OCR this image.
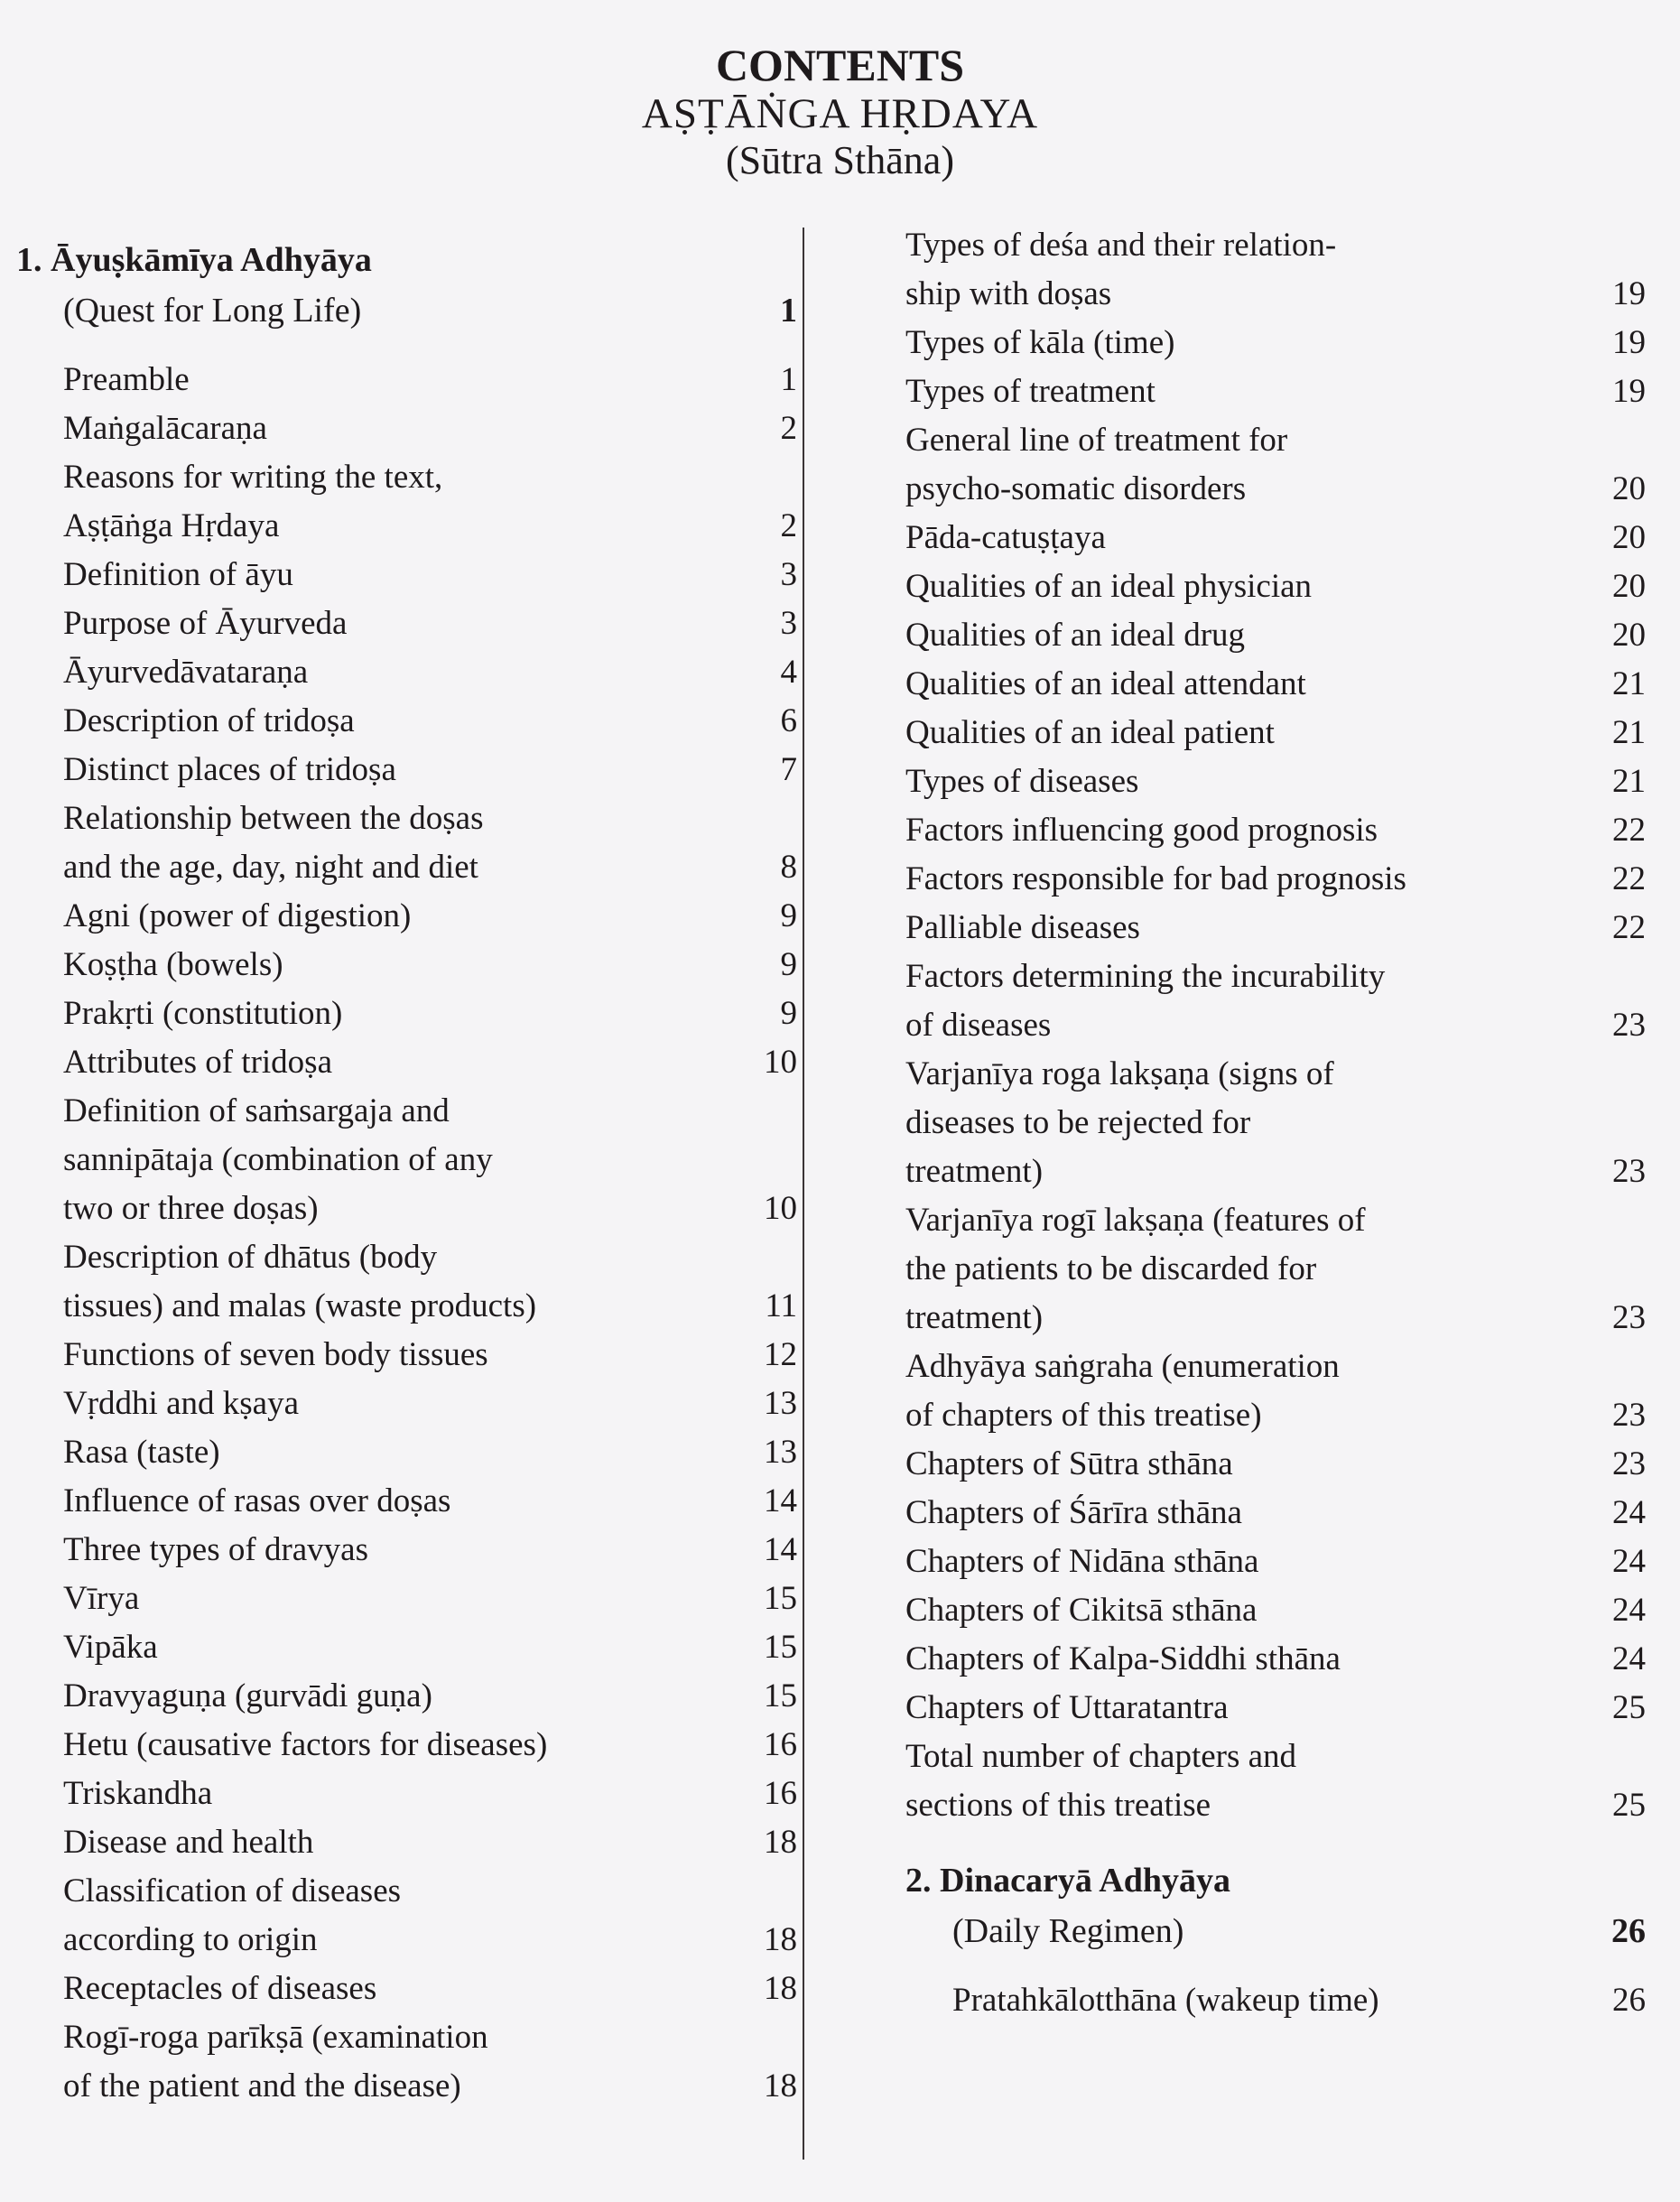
CONTENTS
AṢṬĀṄGA HṚDAYA
(Sūtra Sthāna)
1. Āyuṣkāmīya Adhyāya
(Quest for Long Life)	1
Preamble	1
Maṅgalācaraṇa	2
Reasons for writing the text,
Aṣṭāṅga Hṛdaya	2
Definition of āyu	3
Purpose of Āyurveda	3
Āyurvedāvataraṇa	4
Description of tridoṣa	6
Distinct places of tridoṣa	7
Relationship between the doṣas
and the age, day, night and diet	8
Agni (power of digestion)	9
Koṣṭha (bowels)	9
Prakṛti (constitution)	9
Attributes of tridoṣa	10
Definition of saṁsargaja and
sannipātaja (combination of any
two or three doṣas)	10
Description of dhātus (body
tissues) and malas (waste products)	11
Functions of seven body tissues	12
Vṛddhi and kṣaya	13
Rasa (taste)	13
Influence of rasas over doṣas	14
Three types of dravyas	14
Vīrya	15
Vipāka	15
Dravyaguṇa (gurvādi guṇa)	15
Hetu (causative factors for diseases)	16
Triskandha	16
Disease and health	18
Classification of diseases
according to origin	18
Receptacles of diseases	18
Rogī-roga parīkṣā (examination
of the patient and the disease)	18
Types of deśa and their relation-
ship with doṣas	19
Types of kāla (time)	19
Types of treatment	19
General line of treatment for
psycho-somatic disorders	20
Pāda-catuṣṭaya	20
Qualities of an ideal physician	20
Qualities of an ideal drug	20
Qualities of an ideal attendant	21
Qualities of an ideal patient	21
Types of diseases	21
Factors influencing good prognosis	22
Factors responsible for bad prognosis	22
Palliable diseases	22
Factors determining the incurability
of diseases	23
Varjanīya roga lakṣaṇa (signs of
diseases to be rejected for
treatment)	23
Varjanīya rogī lakṣaṇa (features of
the patients to be discarded for
treatment)	23
Adhyāya saṅgraha (enumeration
of chapters of this treatise)	23
Chapters of Sūtra sthāna	23
Chapters of Śārīra sthāna	24
Chapters of Nidāna sthāna	24
Chapters of Cikitsā sthāna	24
Chapters of Kalpa-Siddhi sthāna	24
Chapters of Uttaratantra	25
Total number of chapters and
sections of this treatise	25
2. Dinacaryā Adhyāya
(Daily Regimen)	26
Pratahkālotthāna (wakeup time)	26
